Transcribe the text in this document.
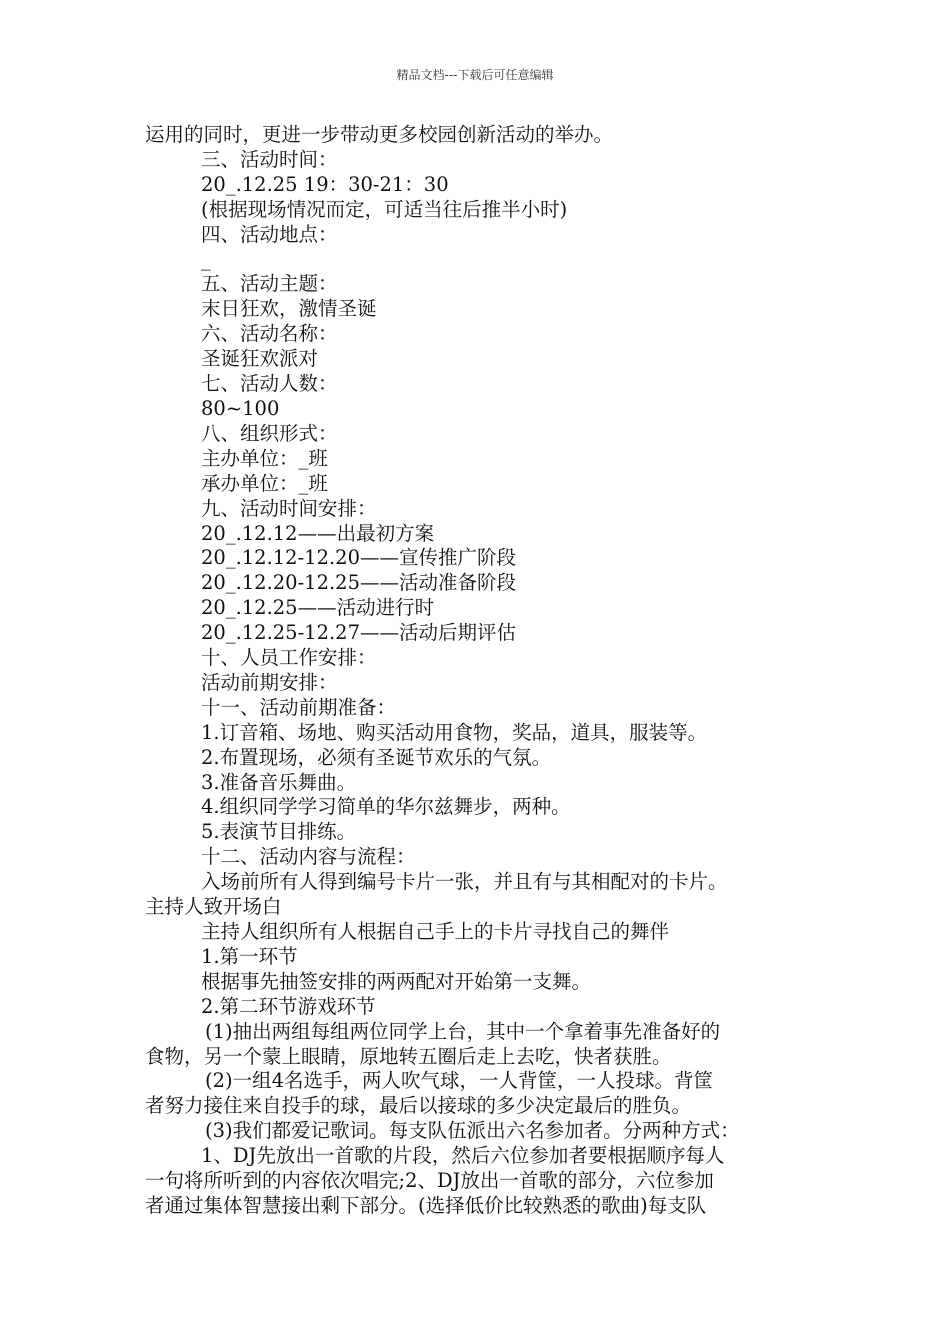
精品文档---下载后可任意编辑
运用的同时，更进一步带动更多校园创新活动的举办。
三、活动时间：
20_.12.25 19：30-21：30
(根据现场情况而定，可适当往后推半小时)
四、活动地点：
_
五、活动主题：
末日狂欢，激情圣诞
六、活动名称：
圣诞狂欢派对
七、活动人数：
80~100
八、组织形式：
主办单位：_班
承办单位：_班
九、活动时间安排：
20_.12.12——出最初方案
20_.12.12-12.20——宣传推广阶段
20_.12.20-12.25——活动准备阶段
20_.12.25——活动进行时
20_.12.25-12.27——活动后期评估
十、人员工作安排：
活动前期安排：
十一、活动前期准备：
1.订音箱、场地、购买活动用食物，奖品，道具，服装等。
2.布置现场，必须有圣诞节欢乐的气氛。
3.准备音乐舞曲。
4.组织同学学习简单的华尔兹舞步，两种。
5.表演节目排练。
十二、活动内容与流程：
入场前所有人得到编号卡片一张，并且有与其相配对的卡片。
主持人致开场白
主持人组织所有人根据自己手上的卡片寻找自己的舞伴
1.第一环节
根据事先抽签安排的两两配对开始第一支舞。
2.第二环节游戏环节
(1)抽出两组每组两位同学上台，其中一个拿着事先准备好的
食物，另一个蒙上眼睛，原地转五圈后走上去吃，快者获胜。
(2)一组4名选手，两人吹气球，一人背筐，一人投球。背筐
者努力接住来自投手的球，最后以接球的多少决定最后的胜负。
(3)我们都爱记歌词。每支队伍派出六名参加者。分两种方式：
1、DJ先放出一首歌的片段，然后六位参加者要根据顺序每人
一句将所听到的内容依次唱完;2、DJ放出一首歌的部分，六位参加
者通过集体智慧接出剩下部分。(选择低价比较熟悉的歌曲)每支队
